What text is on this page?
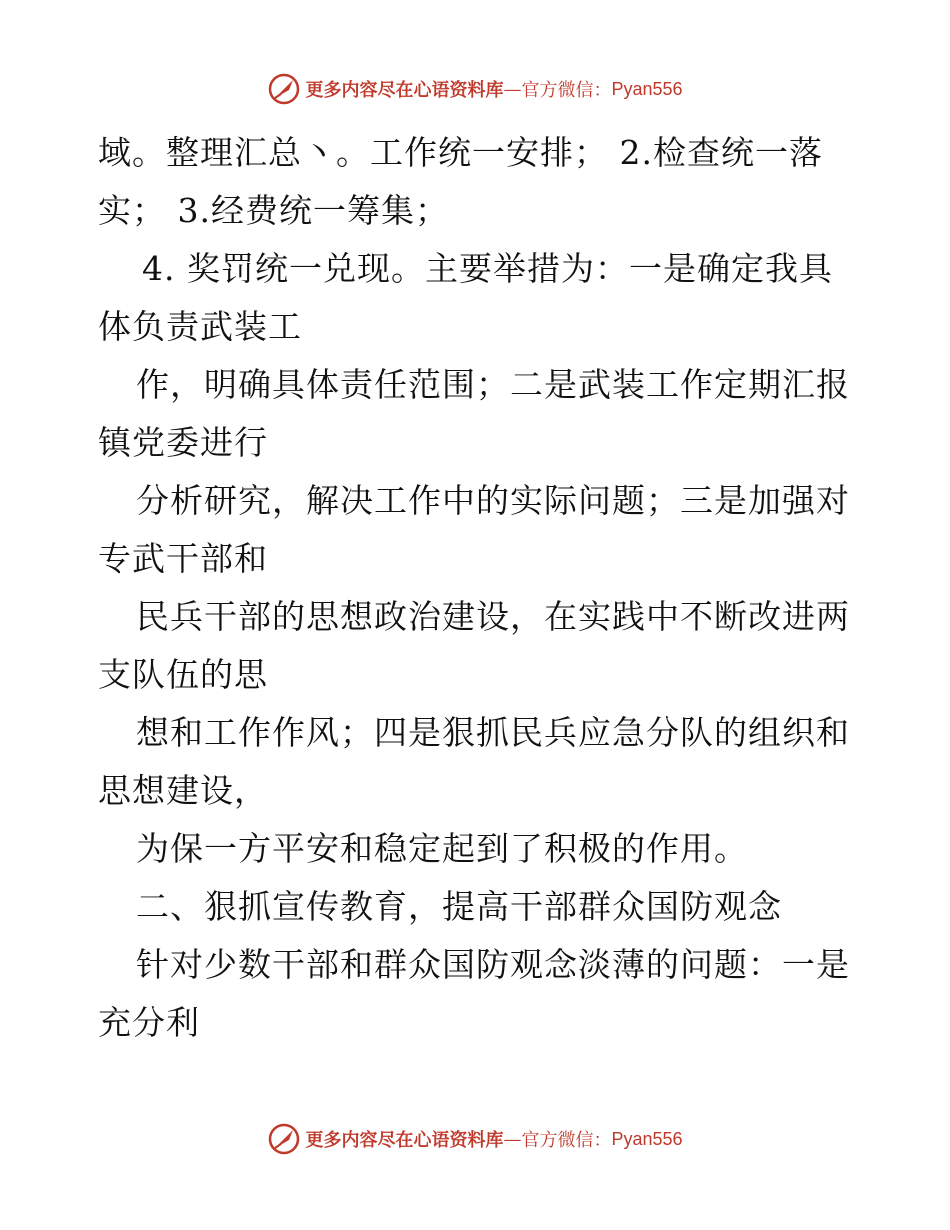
更多内容尽在心语资料库 — 官方微信： Pyan556
域。整理汇总丶。工作统一安排； 2.检查统一落
实； 3.经费统一筹集；
4. 奖罚统一兑现。主要举措为：一是确定我具
体负责武装工
作，明确具体责任范围；二是武装工作定期汇报
镇党委进行
分析研究，解决工作中的实际问题；三是加强对
专武干部和
民兵干部的思想政治建设，在实践中不断改进两
支队伍的思
想和工作作风；四是狠抓民兵应急分队的组织和
思想建设，
为保一方平安和稳定起到了积极的作用。
二、狠抓宣传教育，提高干部群众国防观念
针对少数干部和群众国防观念淡薄的问题：一是
充分利
更多内容尽在心语资料库 — 官方微信： Pyan556
